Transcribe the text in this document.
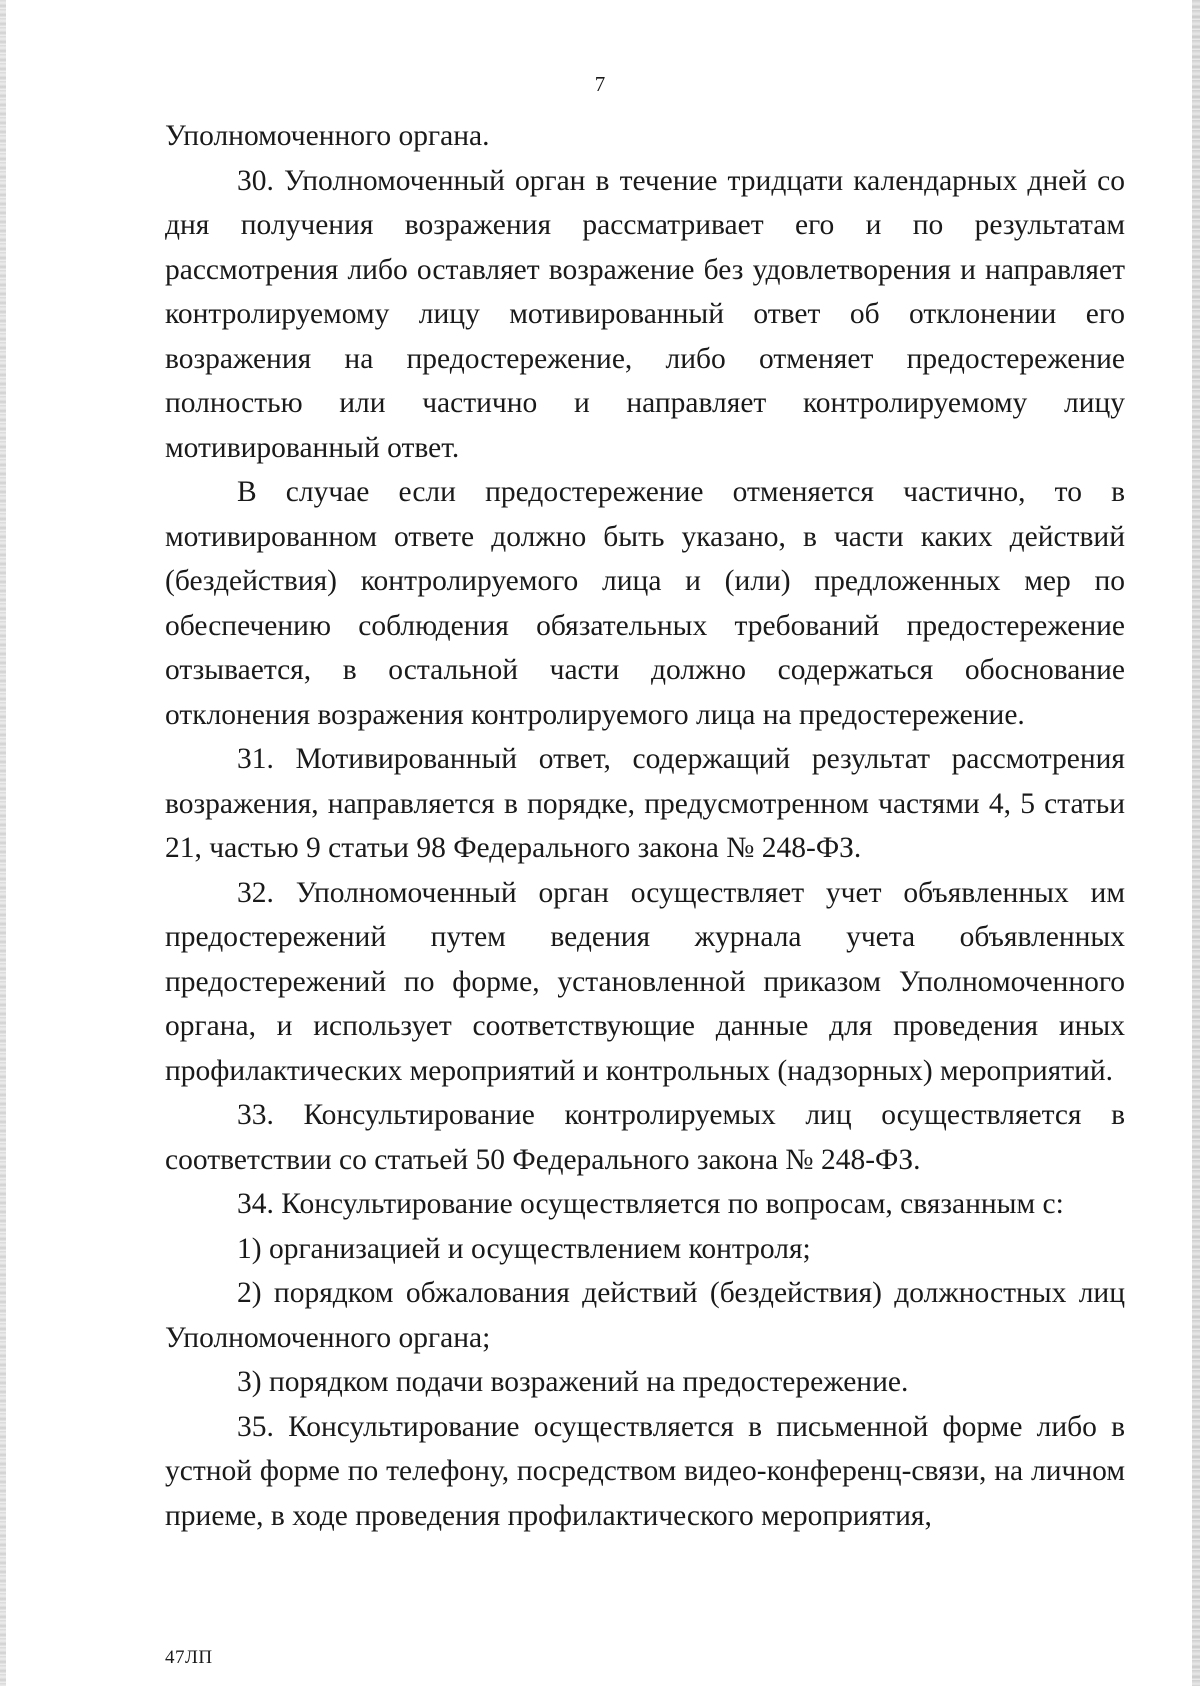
7

Уполномоченного органа.

30. Уполномоченный орган в течение тридцати календарных дней со дня получения возражения рассматривает его и по результатам рассмотрения либо оставляет возражение без удовлетворения и направляет контролируемому лицу мотивированный ответ об отклонении его возражения на предостережение, либо отменяет предостережение полностью или частично и направляет контролируемому лицу мотивированный ответ.

В случае если предостережение отменяется частично, то в мотивированном ответе должно быть указано, в части каких действий (бездействия) контролируемого лица и (или) предложенных мер по обеспечению соблюдения обязательных требований предостережение отзывается, в остальной части должно содержаться обоснование отклонения возражения контролируемого лица на предостережение.

31. Мотивированный ответ, содержащий результат рассмотрения возражения, направляется в порядке, предусмотренном частями 4, 5 статьи 21, частью 9 статьи 98 Федерального закона № 248-ФЗ.

32. Уполномоченный орган осуществляет учет объявленных им предостережений путем ведения журнала учета объявленных предостережений по форме, установленной приказом Уполномоченного органа, и использует соответствующие данные для проведения иных профилактических мероприятий и контрольных (надзорных) мероприятий.

33. Консультирование контролируемых лиц осуществляется в соответствии со статьей 50 Федерального закона № 248-ФЗ.

34. Консультирование осуществляется по вопросам, связанным с:

1) организацией и осуществлением контроля;

2) порядком обжалования действий (бездействия) должностных лиц Уполномоченного органа;

3) порядком подачи возражений на предостережение.

35. Консультирование осуществляется в письменной форме либо в устной форме по телефону, посредством видео-конференц-связи, на личном приеме, в ходе проведения профилактического мероприятия,

47ЛП
